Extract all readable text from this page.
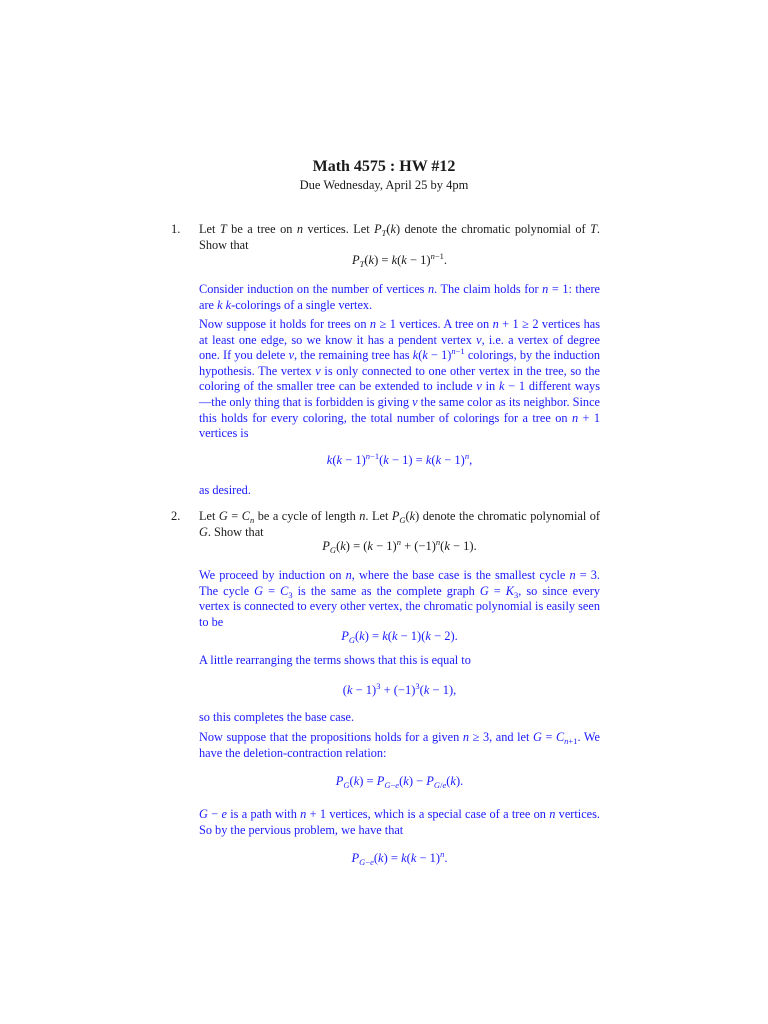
Math 4575 : HW #12
Due Wednesday, April 25 by 4pm
1. Let T be a tree on n vertices. Let $P_T(k)$ denote the chromatic polynomial of T. Show that
$P_T(k) = k(k - 1)^{n-1}$.
Consider induction on the number of vertices n. The claim holds for n = 1: there are k k-colorings of a single vertex.
Now suppose it holds for trees on n ≥ 1 vertices. A tree on n + 1 ≥ 2 vertices has at least one edge, so we know it has a pendent vertex v, i.e. a vertex of degree one. If you delete v, the remaining tree has $k(k - 1)^{n-1}$ colorings, by the induction hypothesis. The vertex v is only connected to one other vertex in the tree, so the coloring of the smaller tree can be extended to include v in k − 1 different ways—the only thing that is forbidden is giving v the same color as its neighbor. Since this holds for every coloring, the total number of colorings for a tree on n + 1 vertices is
$k(k - 1)^{n-1}(k - 1) = k(k - 1)^n$,
as desired.
2. Let $G = C_n$ be a cycle of length n. Let $P_G(k)$ denote the chromatic polynomial of G. Show that
$P_G(k) = (k - 1)^n + (-1)^n(k - 1)$.
We proceed by induction on n, where the base case is the smallest cycle n = 3. The cycle $G = C_3$ is the same as the complete graph $G = K_3$, so since every vertex is connected to every other vertex, the chromatic polynomial is easily seen to be
$P_G(k) = k(k - 1)(k - 2)$.
A little rearranging the terms shows that this is equal to
$(k - 1)^3 + (-1)^3(k - 1)$,
so this completes the base case.
Now suppose that the propositions holds for a given n ≥ 3, and let $G = C_{n+1}$. We have the deletion-contraction relation:
$P_G(k) = P_{G-e}(k) - P_{G/e}(k)$.
G − e is a path with n + 1 vertices, which is a special case of a tree on n vertices. So by the pervious problem, we have that
$P_{G-e}(k) = k(k - 1)^n$.
